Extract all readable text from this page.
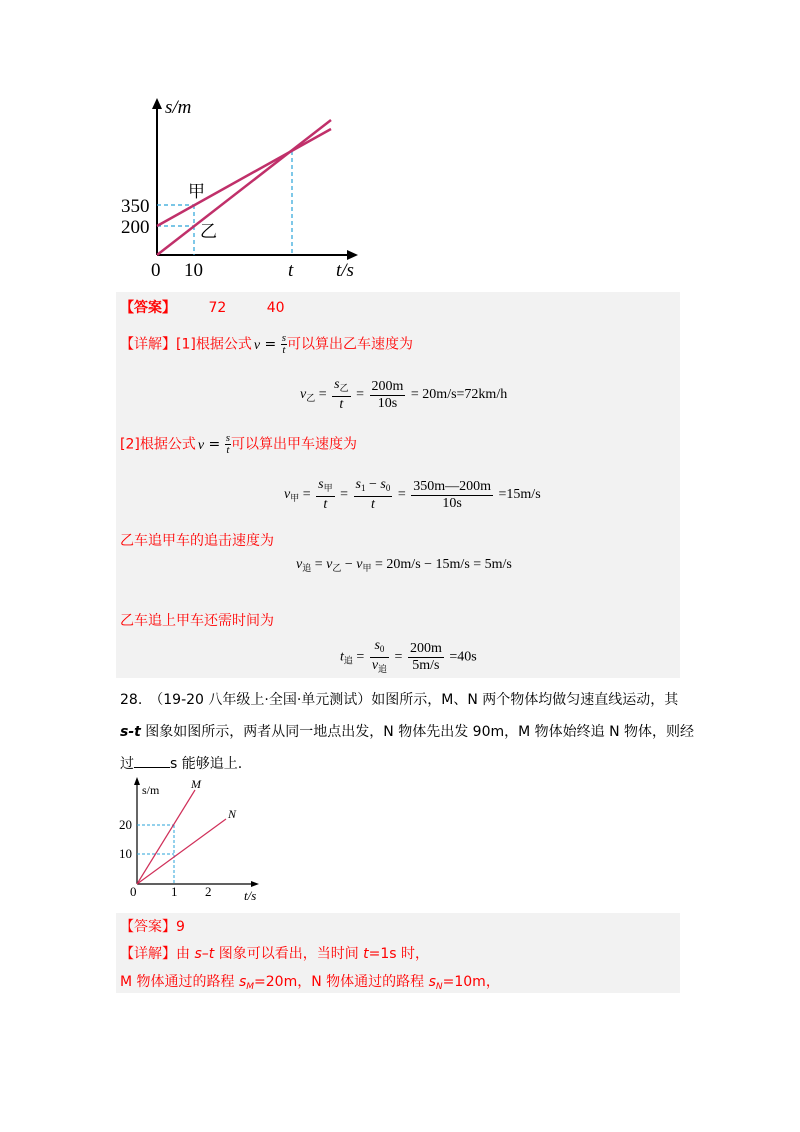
s/m
350
200
0 10	t t/s
甲
乙
【答案】 72	40
【详解】[1]根据公式 $v = \frac{s}{t}$ 可以算出乙车速度为
$v_乙 = \frac{s_乙}{t} = \frac{200m}{10s} = 20m/s=72km/h$
[2]根据公式 $v = \frac{s}{t}$ 可以算出甲车速度为
$v_甲 = \frac{s_甲}{t} = \frac{s_1 - s_0}{t} = \frac{350m—200m}{10s} =15m/s$
乙车追甲车的追击速度为
$v_追 = v_乙 - v_甲 = 20m/s - 15m/s = 5m/s$
乙车追上甲车还需时间为
$t_追 = \frac{s_0}{v_追} = \frac{200m}{5m/s} =40s$
28.　（19-20 八年级上·全国·单元测试）如图所示，M、N 两个物体均做匀速直线运动，其
s-t 图象如图所示，两者从同一地点出发，N 物体先出发 90m，M 物体始终追 N 物体，则经
过	s 能够追上.
s/m
20
10
0	1 2	t/s
M
N
【答案】9
【详解】由 s–t 图象可以看出，当时间 t=1s 时，
M 物体通过的路程 $s_M=20m$，N 物体通过的路程 $s_N=10m$，
